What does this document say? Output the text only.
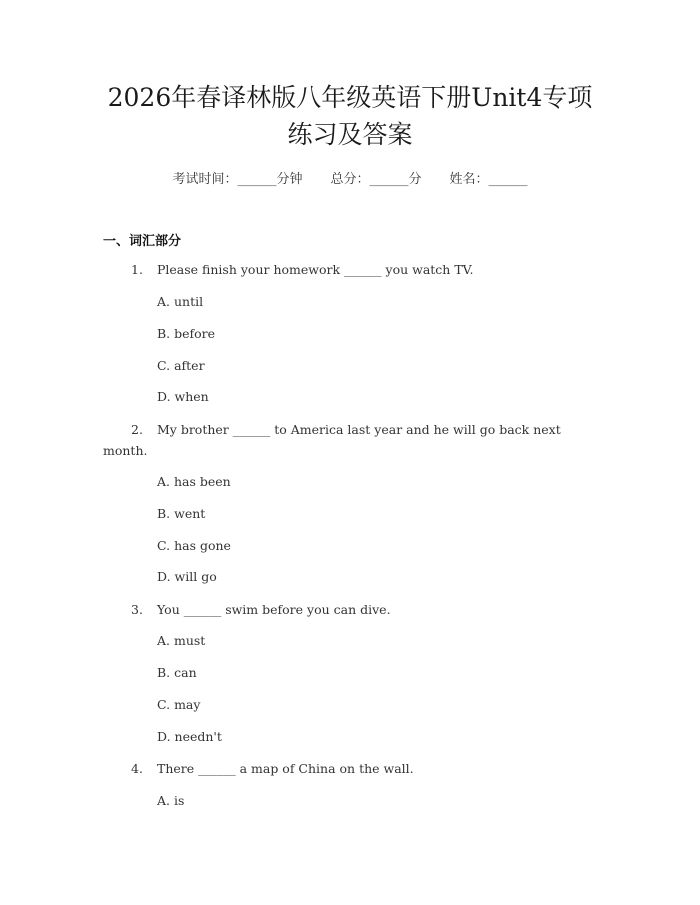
2026年春译林版八年级英语下册Unit4专项
练习及答案
考试时间：______分钟 总分：______分 姓名：______
一、词汇部分
1. Please finish your homework ______ you watch TV.
A. until
B. before
C. after
D. when
2. My brother ______ to America last year and he will go back next month.
A. has been
B. went
C. has gone
D. will go
3. You ______ swim before you can dive.
A. must
B. can
C. may
D. needn't
4. There ______ a map of China on the wall.
A. is
